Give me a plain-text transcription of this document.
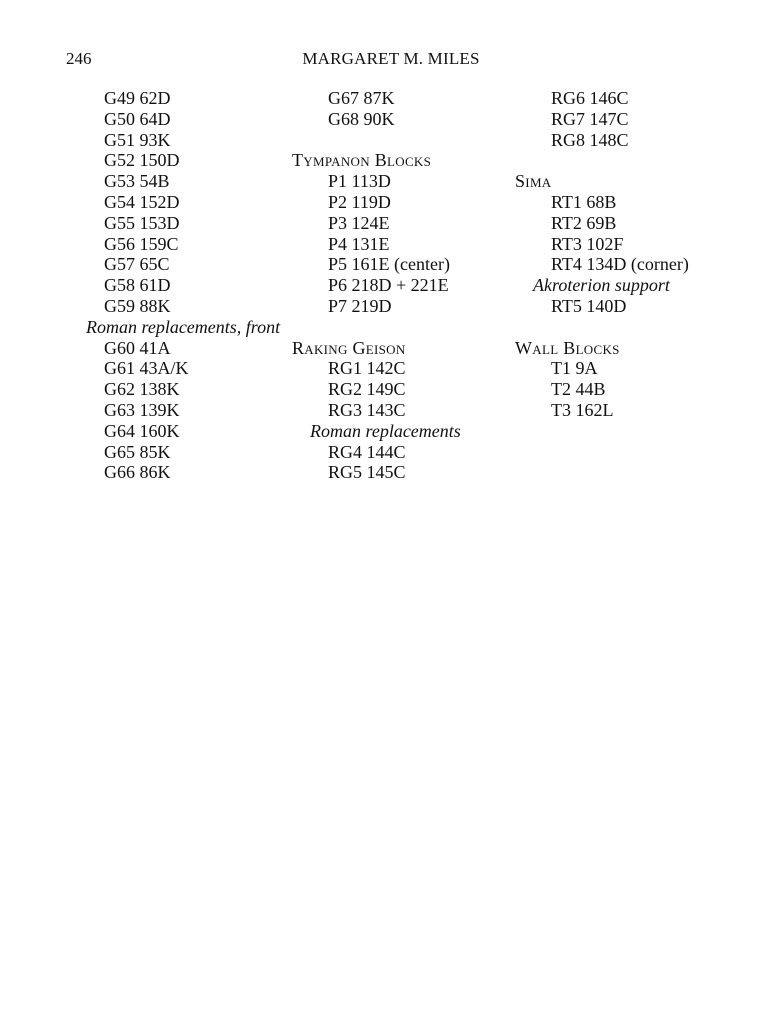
246	MARGARET M. MILES
G49 62D
G50 64D
G51 93K
G52 150D
G53 54B
G54 152D
G55 153D
G56 159C
G57 65C
G58 61D
G59 88K
Roman replacements, front
G60 41A
G61 43A/K
G62 138K
G63 139K
G64 160K
G65 85K
G66 86K
G67 87K
G68 90K
Tympanon Blocks
P1 113D
P2 119D
P3 124E
P4 131E
P5 161E (center)
P6 218D + 221E
P7 219D
Raking Geison
RG1 142C
RG2 149C
RG3 143C
Roman replacements
RG4 144C
RG5 145C
RG6 146C
RG7 147C
RG8 148C
Sima
RT1 68B
RT2 69B
RT3 102F
RT4 134D (corner)
Akroterion support
RT5 140D
Wall Blocks
T1 9A
T2 44B
T3 162L
